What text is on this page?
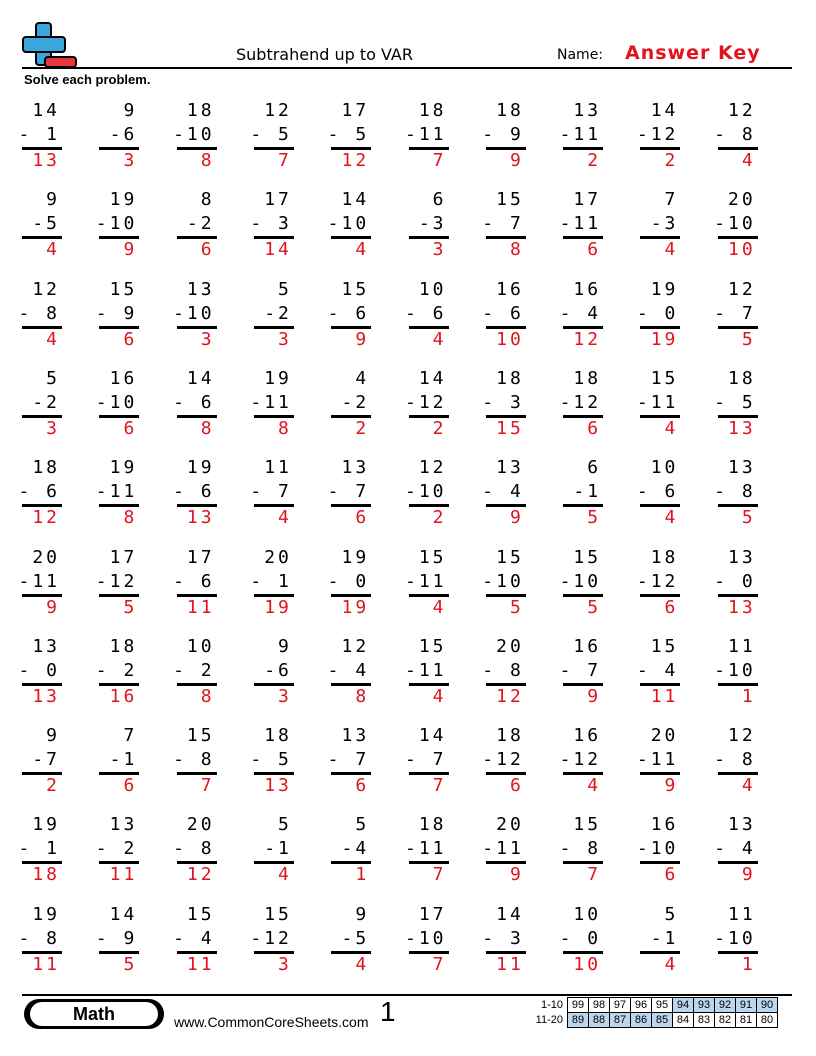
Subtrahend up to VAR	Name: Answer Key
Solve each problem.
14
- 1
13
9
-6
3
18
-10
8
12
- 5
7
17
- 5
12
18
-11
7
18
- 9
9
13
-11
2
14
-12
2
12
- 8
4
9
-5
4
19
-10
9
8
-2
6
17
- 3
14
14
-10
4
6
-3
3
15
- 7
8
17
-11
6
7
-3
4
20
-10
10
12
- 8
4
15
- 9
6
13
-10
3
5
-2
3
15
- 6
9
10
- 6
4
16
- 6
10
16
- 4
12
19
- 0
19
12
- 7
5
5
-2
3
16
-10
6
14
- 6
8
19
-11
8
4
-2
2
14
-12
2
18
- 3
15
18
-12
6
15
-11
4
18
- 5
13
18
- 6
12
19
-11
8
19
- 6
13
11
- 7
4
13
- 7
6
12
-10
2
13
- 4
9
6
-1
5
10
- 6
4
13
- 8
5
20
-11
9
17
-12
5
17
- 6
11
20
- 1
19
19
- 0
19
15
-11
4
15
-10
5
15
-10
5
18
-12
6
13
- 0
13
13
- 0
13
18
- 2
16
10
- 2
8
9
-6
3
12
- 4
8
15
-11
4
20
- 8
12
16
- 7
9
15
- 4
11
11
-10
1
9
-7
2
7
-1
6
15
- 8
7
18
- 5
13
13
- 7
6
14
- 7
7
18
-12
6
16
-12
4
20
-11
9
12
- 8
4
19
- 1
18
13
- 2
11
20
- 8
12
5
-1
4
5
-4
1
18
-11
7
20
-11
9
15
- 8
7
16
-10
6
13
- 4
9
19
- 8
11
14
- 9
5
15
- 4
11
15
-12
3
9
-5
4
17
-10
7
14
- 3
11
10
- 0
10
5
-1
4
11
-10
1
Math	www.CommonCoreSheets.com 1	1-10	99	98	97	96	95	94	93	92	91	90
11-20	89	88	87	86	85	84	83	82	81	80
